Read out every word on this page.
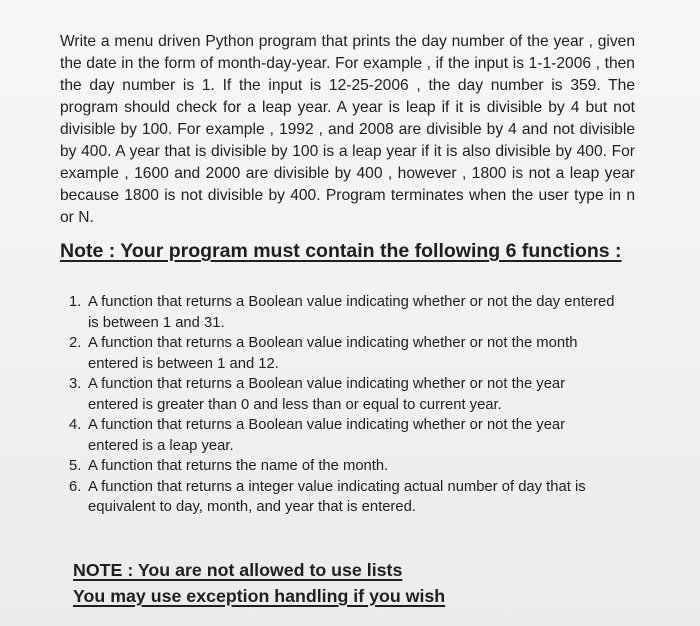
Write a menu driven Python program that prints the day number of the year , given the date in the form of month-day-year. For example , if the input is 1-1-2006 , then the day number is 1. If the input is 12-25-2006 , the day number is 359. The program should check for a leap year. A year is leap if it is divisible by 4 but not divisible by 100. For example , 1992 , and 2008 are divisible by 4 and not divisible by 400. A year that is divisible by 100 is a leap year if it is also divisible by 400. For example , 1600 and 2000 are divisible by 400 , however , 1800 is not a leap year because 1800 is not divisible by 400. Program terminates when the user type in n or N.

Note : Your program must contain the following 6 functions :

1. A function that returns a Boolean value indicating whether or not the day entered is between 1 and 31.
2. A function that returns a Boolean value indicating whether or not the month entered is between 1 and 12.
3. A function that returns a Boolean value indicating whether or not the year entered is greater than 0 and less than or equal to current year.
4. A function that returns a Boolean value indicating whether or not the year entered is a leap year.
5. A function that returns the name of the month.
6. A function that returns a integer value indicating actual number of day that is equivalent to day, month, and year that is entered.
NOTE : You are not allowed to use lists
You may use exception handling if you wish
